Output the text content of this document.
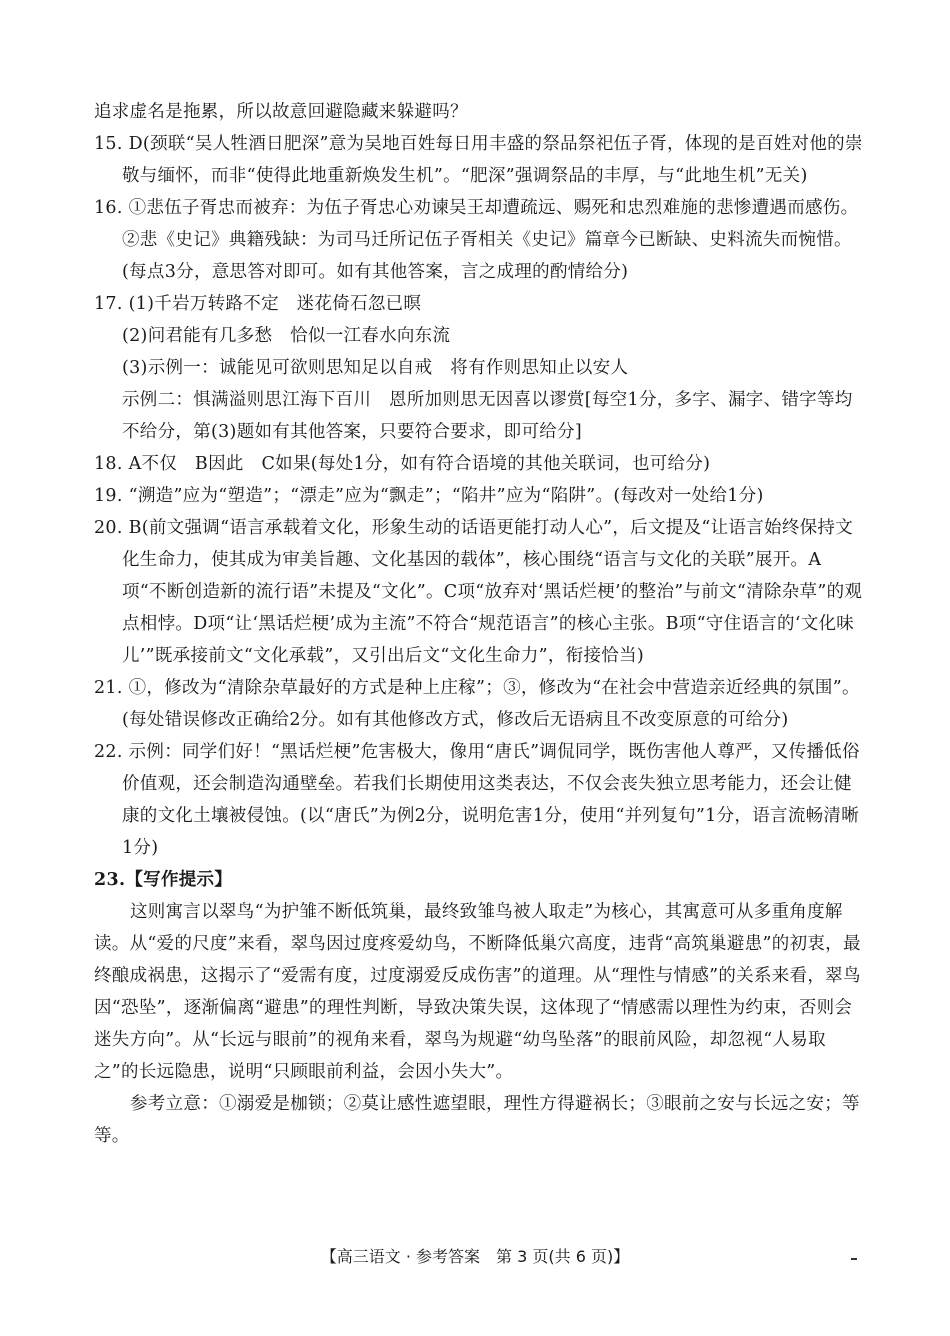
追求虚名是拖累，所以故意回避隐藏来躲避吗？

15. D(颈联“吴人牲酒日肥深”意为吴地百姓每日用丰盛的祭品祭祀伍子胥，体现的是百姓对他的崇敬与缅怀，而非“使得此地重新焕发生机”。“肥深”强调祭品的丰厚，与“此地生机”无关)

16. ①悲伍子胥忠而被弃：为伍子胥忠心劝谏吴王却遭疏远、赐死和忠烈难施的悲惨遭遇而感伤。②悲《史记》典籍残缺：为司马迁所记伍子胥相关《史记》篇章今已断缺、史料流失而惋惜。(每点3分，意思答对即可。如有其他答案，言之成理的酌情给分)

17. (1)千岩万转路不定　迷花倚石忽已暝

(2)问君能有几多愁　恰似一江春水向东流

(3)示例一：诚能见可欲则思知足以自戒　将有作则思知止以安人

示例二：惧满溢则思江海下百川　恩所加则思无因喜以谬赏[每空1分，多字、漏字、错字等均不给分，第(3)题如有其他答案，只要符合要求，即可给分]

18. A不仅　B因此　C如果(每处1分，如有符合语境的其他关联词，也可给分)

19. “溯造”应为“塑造”；“漂走”应为“飘走”；“陷井”应为“陷阱”。(每改对一处给1分)

20. B(前文强调“语言承载着文化，形象生动的话语更能打动人心”，后文提及“让语言始终保持文化生命力，使其成为审美旨趣、文化基因的载体”，核心围绕“语言与文化的关联”展开。A项“不断创造新的流行语”未提及“文化”。C项“放弃对‘黑话烂梗’的整治”与前文“清除杂草”的观点相悖。D项“让‘黑话烂梗’成为主流”不符合“规范语言”的核心主张。B项“守住语言的‘文化味儿’”既承接前文“文化承载”，又引出后文“文化生命力”，衔接恰当)

21. ①，修改为“清除杂草最好的方式是种上庄稼”；③，修改为“在社会中营造亲近经典的氛围”。(每处错误修改正确给2分。如有其他修改方式，修改后无语病且不改变原意的可给分)

22. 示例：同学们好！“黑话烂梗”危害极大，像用“唐氏”调侃同学，既伤害他人尊严，又传播低俗价值观，还会制造沟通壁垒。若我们长期使用这类表达，不仅会丧失独立思考能力，还会让健康的文化土壤被侵蚀。(以“唐氏”为例2分，说明危害1分，使用“并列复句”1分，语言流畅清晰1分)

23.【写作提示】

这则寓言以翠鸟“为护雏不断低筑巢，最终致雏鸟被人取走”为核心，其寓意可从多重角度解读。从“爱的尺度”来看，翠鸟因过度疼爱幼鸟，不断降低巢穴高度，违背“高筑巢避患”的初衷，最终酿成祸患，这揭示了“爱需有度，过度溺爱反成伤害”的道理。从“理性与情感”的关系来看，翠鸟因“恐坠”，逐渐偏离“避患”的理性判断，导致决策失误，这体现了“情感需以理性为约束，否则会迷失方向”。从“长远与眼前”的视角来看，翠鸟为规避“幼鸟坠落”的眼前风险，却忽视“人易取之”的长远隐患，说明“只顾眼前利益，会因小失大”。

参考立意：①溺爱是枷锁；②莫让感性遮望眼，理性方得避祸长；③眼前之安与长远之安；等等。

【高三语文 · 参考答案　第 3 页(共 6 页)】
